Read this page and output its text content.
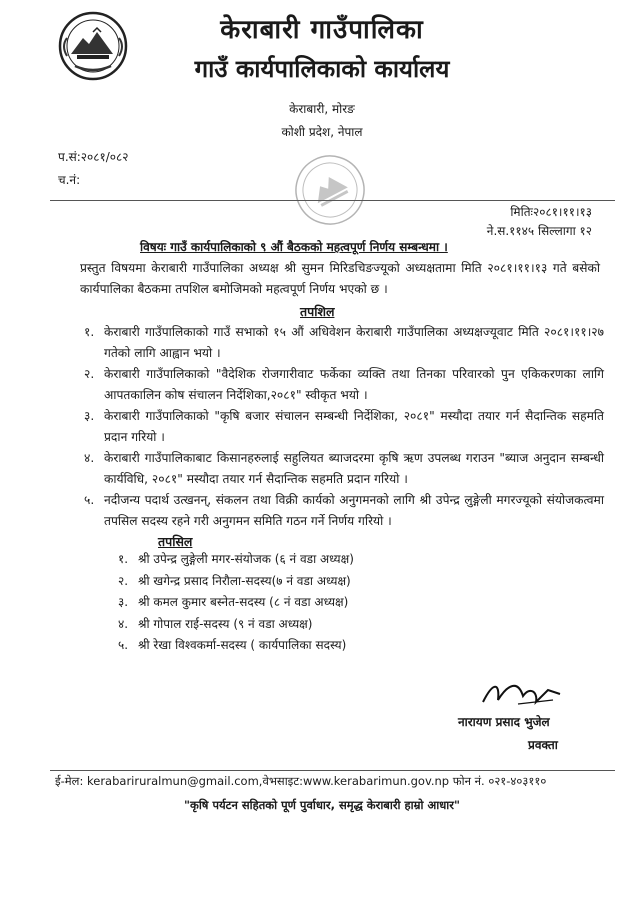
केराबारी गाउँपालिका
गाउँ कार्यपालिकाको कार्यालय
केराबारी, मोरङ
कोशी प्रदेश, नेपाल
प.सं:२०८१/०८२
च.नं:
मितिः२०८१।११।१३
ने.स.११४५ सिल्लागा १२
विषयः गाउँ कार्यपालिकाको ९ औं बैठकको महत्वपूर्ण निर्णय सम्बन्धमा ।
प्रस्तुत विषयमा केराबारी गाउँपालिका अध्यक्ष श्री सुमन मिरिडचिङज्यूको अध्यक्षतामा मिति २०८१।११।१३ गते बसेको कार्यपालिका बैठकमा तपशिल बमोजिमको महत्वपूर्ण निर्णय भएको छ ।
तपशिल
१. केराबारी गाउँपालिकाको गाउँ सभाको १५ औं अधिवेशन केराबारी गाउँपालिका अध्यक्षज्यूवाट मिति २०८१।११।२७ गतेको लागि आह्वान भयो ।
२. केराबारी गाउँपालिकाको "वैदेशिक रोजगारीवाट फर्केका व्यक्ति तथा तिनका परिवारको पुन एकिकरणका लागि आपतकालिन कोष संचालन निर्देशिका,२०८१" स्वीकृत भयो ।
३. केराबारी गाउँपालिकाको "कृषि बजार संचालन सम्बन्धी निर्देशिका, २०८१" मस्यौदा तयार गर्न सैदान्तिक सहमति प्रदान गरियो ।
४. केराबारी गाउँपालिकाबाट किसानहरुलाई सहुलियत ब्याजदरमा कृषि ऋण उपलब्ध गराउन "ब्याज अनुदान सम्बन्धी कार्यविधि, २०८१" मस्यौदा तयार गर्न सैदान्तिक सहमति प्रदान गरियो ।
५. नदीजन्य पदार्थ उत्खनन्, संकलन तथा विक्री कार्यको अनुगमनको लागि श्री उपेन्द्र लुङ्गेली मगरज्यूको संयोजकत्वमा तपसिल सदस्य रहने गरी अनुगमन समिति गठन गर्ने निर्णय गरियो ।
तपसिल
१. श्री उपेन्द्र लुङ्गेली मगर-संयोजक (६ नं वडा अध्यक्ष)
२. श्री खगेन्द्र प्रसाद निरौला-सदस्य(७ नं वडा अध्यक्ष)
३. श्री कमल कुमार बस्नेत-सदस्य (८ नं वडा अध्यक्ष)
४. श्री गोपाल राई-सदस्य (९ नं वडा अध्यक्ष)
५. श्री रेखा विश्वकर्मा-सदस्य ( कार्यपालिका सदस्य)
नारायण प्रसाद भुजेल
प्रवक्ता
ई-मेल: kerabariruralmun@gmail.com,वेभसाइट:www.kerabarimun.gov.np फोन नं. ०२१-४०३११०
"कृषि पर्यटन सहितको पूर्ण पुर्वाधार, समृद्ध केराबारी हाम्रो आधार"
